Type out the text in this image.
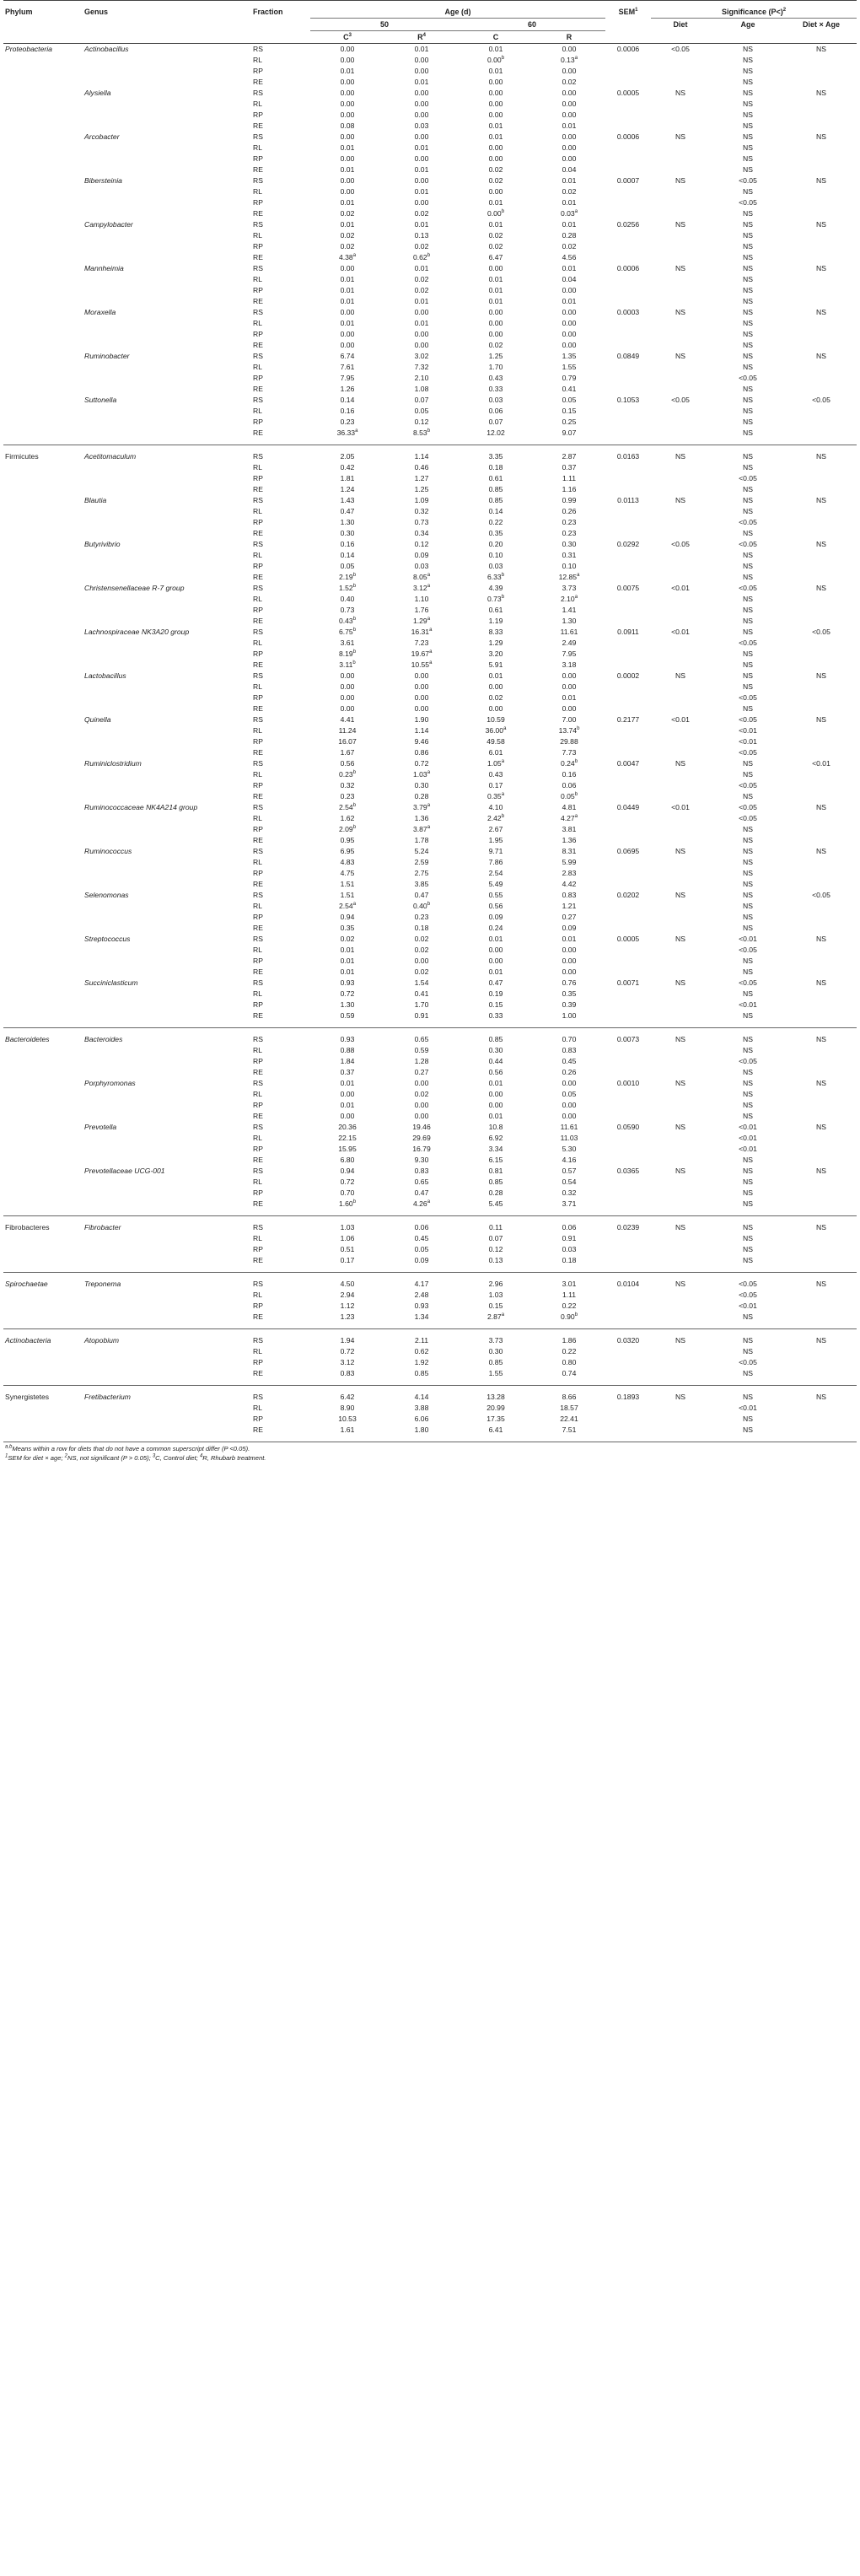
Phylum	Genus	Fraction	Age (d)				SEM$^1$	Significance (P<)$^2$
			50		60			Diet	Age	Diet × Age
			$C^3$	$R^4$	C	R				
Proteobacteria	Actinobacillus	RS	0.00	0.01	0.01	0.00	0.0006	<0.05	NS	NS
		RL	0.00	0.00	0.00$^b$	0.13$^a$			NS	
		RP	0.01	0.00	0.01	0.00			NS	
		RE	0.00	0.01	0.00	0.02			NS	
	Alysiella	RS	0.00	0.00	0.00	0.00	0.0005	NS	NS	NS
		RL	0.00	0.00	0.00	0.00			NS	
		RP	0.00	0.00	0.00	0.00			NS	
		RE	0.08	0.03	0.01	0.01			NS	
	Arcobacter	RS	0.00	0.00	0.01	0.00	0.0006	NS	NS	NS
		RL	0.01	0.01	0.00	0.00			NS	
		RP	0.00	0.00	0.00	0.00			NS	
		RE	0.01	0.01	0.02	0.04			NS	
	Bibersteinia	RS	0.00	0.00	0.02	0.01	0.0007	NS	<0.05	NS
		RL	0.00	0.01	0.00	0.02			NS	
		RP	0.01	0.00	0.01	0.01			<0.05	
		RE	0.02	0.02	0.00$^b$	0.03$^a$			NS	
	Campylobacter	RS	0.01	0.01	0.01	0.01	0.0256	NS	NS	NS
		RL	0.02	0.13	0.02	0.28			NS	
		RP	0.02	0.02	0.02	0.02			NS	
		RE	4.38$^a$	0.62$^b$	6.47	4.56			NS	
	Mannheimia	RS	0.00	0.01	0.00	0.01	0.0006	NS	NS	NS
		RL	0.01	0.02	0.01	0.04			NS	
		RP	0.01	0.02	0.01	0.00			NS	
		RE	0.01	0.01	0.01	0.01			NS	
	Moraxella	RS	0.00	0.00	0.00	0.00	0.0003	NS	NS	NS
		RL	0.01	0.01	0.00	0.00			NS	
		RP	0.00	0.00	0.00	0.00			NS	
		RE	0.00	0.00	0.02	0.00			NS	
	Ruminobacter	RS	6.74	3.02	1.25	1.35	0.0849	NS	NS	NS
		RL	7.61	7.32	1.70	1.55			NS	
		RP	7.95	2.10	0.43	0.79			<0.05	
		RE	1.26	1.08	0.33	0.41			NS	
	Suttonella	RS	0.14	0.07	0.03	0.05	0.1053	<0.05	NS	<0.05
		RL	0.16	0.05	0.06	0.15			NS	
		RP	0.23	0.12	0.07	0.25			NS	
		RE	36.33$^a$	8.53$^b$	12.02	9.07			NS	
Firmicutes	Acetitomaculum	RS	2.05	1.14	3.35	2.87	0.0163	NS	NS	NS
		RL	0.42	0.46	0.18	0.37			NS	
		RP	1.81	1.27	0.61	1.11			<0.05	
		RE	1.24	1.25	0.85	1.16			NS	
	Blautia	RS	1.43	1.09	0.85	0.99	0.0113	NS	NS	NS
		RL	0.47	0.32	0.14	0.26			NS	
		RP	1.30	0.73	0.22	0.23			<0.05	
		RE	0.30	0.34	0.35	0.23			NS	
	Butyrivibrio	RS	0.16	0.12	0.20	0.30	0.0292	<0.05	<0.05	NS
		RL	0.14	0.09	0.10	0.31			NS	
		RP	0.05	0.03	0.03	0.10			NS	
		RE	2.19$^b$	8.05$^a$	6.33$^b$	12.85$^a$			NS	
	Christensenellaceae R-7 group	RS	1.52$^b$	3.12$^a$	4.39	3.73	0.0075	<0.01	<0.05	NS
		RL	0.40	1.10	0.73$^b$	2.10$^a$			NS	
		RP	0.73	1.76	0.61	1.41			NS	
		RE	0.43$^b$	1.29$^a$	1.19	1.30			NS	
	Lachnospiraceae NK3A20 group	RS	6.75$^b$	16.31$^a$	8.33	11.61	0.0911	<0.01	NS	<0.05
		RL	3.61	7.23	1.29	2.49			<0.05	
		RP	8.19$^b$	19.67$^a$	3.20	7.95			NS	
		RE	3.11$^b$	10.55$^a$	5.91	3.18			NS	
	Lactobacillus	RS	0.00	0.00	0.01	0.00	0.0002	NS	NS	NS
		RL	0.00	0.00	0.00	0.00			NS	
		RP	0.00	0.00	0.02	0.01			<0.05	
		RE	0.00	0.00	0.00	0.00			NS	
	Quinella	RS	4.41	1.90	10.59	7.00	0.2177	<0.01	<0.05	NS
		RL	11.24	1.14	36.00$^a$	13.74$^b$			<0.01	
		RP	16.07	9.46	49.58	29.88			<0.01	
		RE	1.67	0.86	6.01	7.73			<0.05	
	Ruminiclostridium	RS	0.56	0.72	1.05$^a$	0.24$^b$	0.0047	NS	NS	<0.01
		RL	0.23$^b$	1.03$^a$	0.43	0.16			NS	
		RP	0.32	0.30	0.17	0.06			<0.05	
		RE	0.23	0.28	0.35$^a$	0.05$^b$			NS	
	Ruminococcaceae NK4A214 group	RS	2.54$^b$	3.79$^a$	4.10	4.81	0.0449	<0.01	<0.05	NS
		RL	1.62	1.36	2.42$^b$	4.27$^a$			<0.05	
		RP	2.09$^b$	3.87$^a$	2.67	3.81			NS	
		RE	0.95	1.78	1.95	1.36			NS	
	Ruminococcus	RS	6.95	5.24	9.71	8.31	0.0695	NS	NS	NS
		RL	4.83	2.59	7.86	5.99			NS	
		RP	4.75	2.75	2.54	2.83			NS	
		RE	1.51	3.85	5.49	4.42			NS	
	Selenomonas	RS	1.51	0.47	0.55	0.83	0.0202	NS	NS	<0.05
		RL	2.54$^a$	0.40$^b$	0.56	1.21			NS	
		RP	0.94	0.23	0.09	0.27			NS	
		RE	0.35	0.18	0.24	0.09			NS	
	Streptococcus	RS	0.02	0.02	0.01	0.01	0.0005	NS	<0.01	NS
		RL	0.01	0.02	0.00	0.00			<0.05	
		RP	0.01	0.00	0.00	0.00			NS	
		RE	0.01	0.02	0.01	0.00			NS	
	Succiniclasticum	RS	0.93	1.54	0.47	0.76	0.0071	NS	<0.05	NS
		RL	0.72	0.41	0.19	0.35			NS	
		RP	1.30	1.70	0.15	0.39			<0.01	
		RE	0.59	0.91	0.33	1.00			NS	
Bacteroidetes	Bacteroides	RS	0.93	0.65	0.85	0.70	0.0073	NS	NS	NS
		RL	0.88	0.59	0.30	0.83			NS	
		RP	1.84	1.28	0.44	0.45			<0.05	
		RE	0.37	0.27	0.56	0.26			NS	
	Porphyromonas	RS	0.01	0.00	0.01	0.00	0.0010	NS	NS	NS
		RL	0.00	0.02	0.00	0.05			NS	
		RP	0.01	0.00	0.00	0.00			NS	
		RE	0.00	0.00	0.01	0.00			NS	
	Prevotella	RS	20.36	19.46	10.8	11.61	0.0590	NS	<0.01	NS
		RL	22.15	29.69	6.92	11.03			<0.01	
		RP	15.95	16.79	3.34	5.30			<0.01	
		RE	6.80	9.30	6.15	4.16			NS	
	Prevotellaceae UCG-001	RS	0.94	0.83	0.81	0.57	0.0365	NS	NS	NS
		RL	0.72	0.65	0.85	0.54			NS	
		RP	0.70	0.47	0.28	0.32			NS	
		RE	1.60$^b$	4.26$^a$	5.45	3.71			NS	
Fibrobacteres	Fibrobacter	RS	1.03	0.06	0.11	0.06	0.0239	NS	NS	NS
		RL	1.06	0.45	0.07	0.91			NS	
		RP	0.51	0.05	0.12	0.03			NS	
		RE	0.17	0.09	0.13	0.18			NS	
Spirochaetae	Treponema	RS	4.50	4.17	2.96	3.01	0.0104	NS	<0.05	NS
		RL	2.94	2.48	1.03	1.11			<0.05	
		RP	1.12	0.93	0.15	0.22			<0.01	
		RE	1.23	1.34	2.87$^a$	0.90$^b$			NS	
Actinobacteria	Atopobium	RS	1.94	2.11	3.73	1.86	0.0320	NS	NS	NS
		RL	0.72	0.62	0.30	0.22			NS	
		RP	3.12	1.92	0.85	0.80			<0.05	
		RE	0.83	0.85	1.55	0.74			NS	
Synergistetes	Fretibacterium	RS	6.42	4.14	13.28	8.66	0.1893	NS	NS	NS
		RL	8.90	3.88	20.99	18.57			<0.01	
		RP	10.53	6.06	17.35	22.41			NS	
		RE	1.61	1.80	6.41	7.51			NS	

$^{a,b}$Means within a row for diets that do not have a common superscript differ (P <0.05).

$^1$SEM for diet × age; $^2$NS, not significant (P > 0.05); $^3$C, Control diet; $^4$R, Rhubarb treatment.
